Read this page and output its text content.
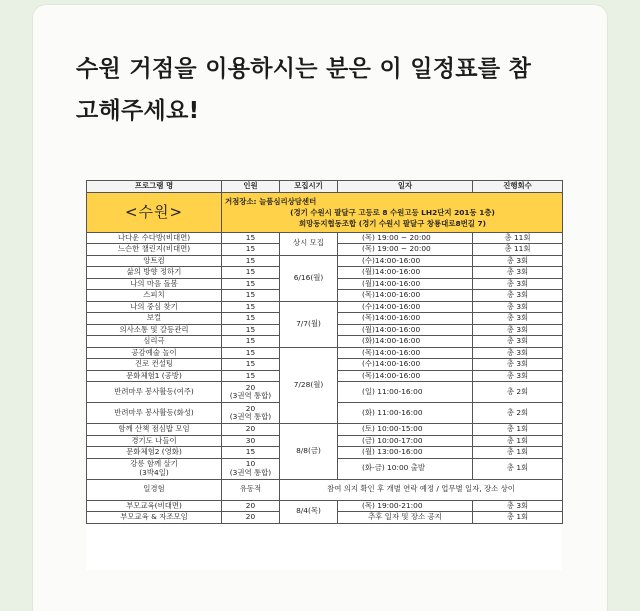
수원 거점을 이용하시는 분은 이 일정표를 참
고해주세요!
<수원>	거점장소: 늘품심리상담센터
(경기 수원시 팔달구 고등로 8 수원고등 LH2단지 201동 1층)
희망동지협동조합 (경기 수원시 팔달구 창룡대로8번길 7)			

프로그램 명	인원	모집시기	일자	진행회수
나다운 수다방(비대면)	15	상시 모집	(목) 19:00 ~ 20:00	총 11회
느슨한 챌린지(비대면)	15		(목) 19:00 ~ 20:00	총 11회
앙트컴	15	6/16(월)	(수)14:00-16:00	총 3회
삶의 방향 정하기	15		(월)14:00-16:00	총 3회
나의 마음 돌봄	15		(월)14:00-16:00	총 3회
스피치	15		(목)14:00-16:00	총 3회
나의 중심 찾기	15	7/7(월)	(수)14:00-16:00	총 3회
보컬	15		(목)14:00-16:00	총 3회
의사소통 및 갈등관리	15		(월)14:00-16:00	총 3회
심리극	15		(화)14:00-16:00	총 3회
공감예술 놀이	15	7/28(월)	(목)14:00-16:00	총 3회
진로 컨설팅	15		(수)14:00-16:00	총 3회
문화체험1 (공방)	15		(목)14:00-16:00	총 3회
반려마루 봉사활동(여주)	20
(3권역 통합)		(일) 11:00-16:00	총 2회
반려마루 봉사활동(화성)	20
(3권역 통합)		(화) 11:00-16:00	총 2회
함께 산책 점심밥 모임	20	8/8(금)	(토) 10:00-15:00	총 1회
경기도 나들이	30		(금) 10:00-17:00	총 1회
문화체험2 (영화)	15		(월) 13:00-16:00	총 1회

강릉 함께 살기
(3박4일)	10
(3권역 통합)		(화-금) 10:00 출발	총 1회
일경험	유동적	참여 의지 확인 후 개별 연락 예정 / 업무별 일자, 장소 상이		
부모교육(비대면)	20	8/4(목)	(목) 19:00-21:00	총 3회
부모교육 & 자조모임	20		추후 일자 및 장소 공지	총 1회
